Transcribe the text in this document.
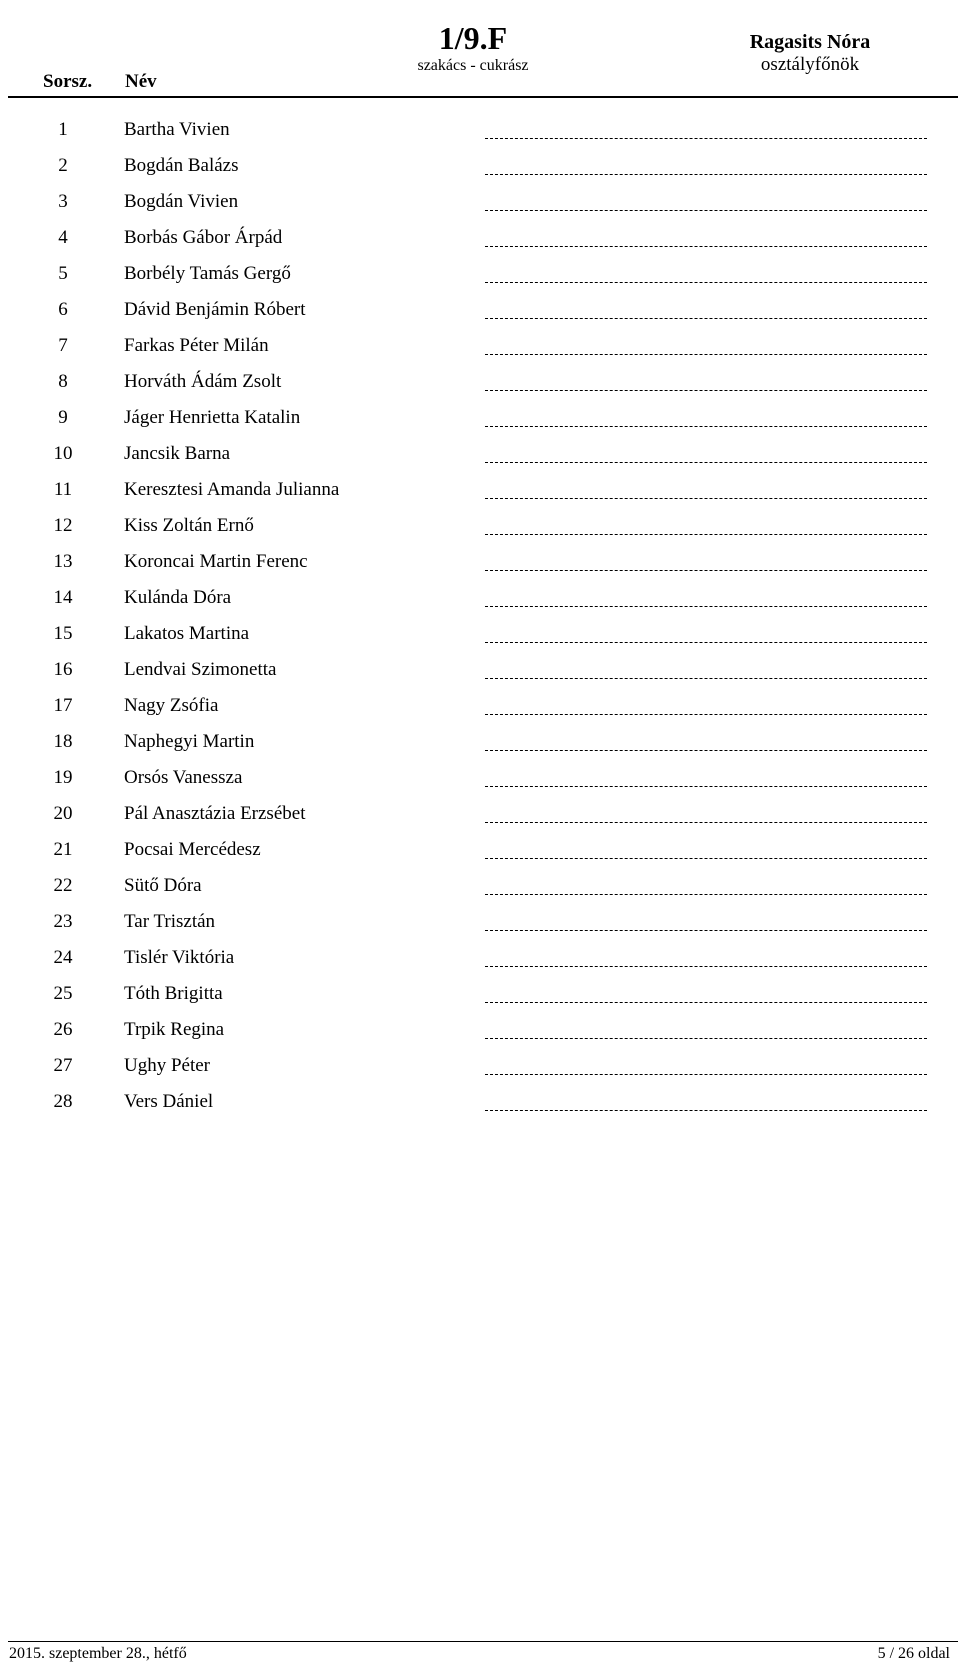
Sorsz. Név
1/9.F
szakács - cukrász
Ragasits Nóra
osztályfőnök
1	Bartha Vivien
2	Bogdán Balázs
3	Bogdán Vivien
4	Borbás Gábor Árpád
5	Borbély Tamás Gergő
6	Dávid Benjámin Róbert
7	Farkas Péter Milán
8	Horváth Ádám Zsolt
9	Jáger Henrietta Katalin
10	Jancsik Barna
11	Keresztesi Amanda Julianna
12	Kiss Zoltán Ernő
13	Koroncai Martin Ferenc
14	Kulánda Dóra
15	Lakatos Martina
16	Lendvai Szimonetta
17	Nagy Zsófia
18	Naphegyi Martin
19	Orsós Vanessza
20	Pál Anasztázia Erzsébet
21	Pocsai Mercédesz
22	Sütő Dóra
23	Tar Trisztán
24	Tislér Viktória
25	Tóth Brigitta
26	Trpik Regina
27	Ughy Péter
28	Vers Dániel
2015. szeptember 28., hétfő	5 / 26 oldal
